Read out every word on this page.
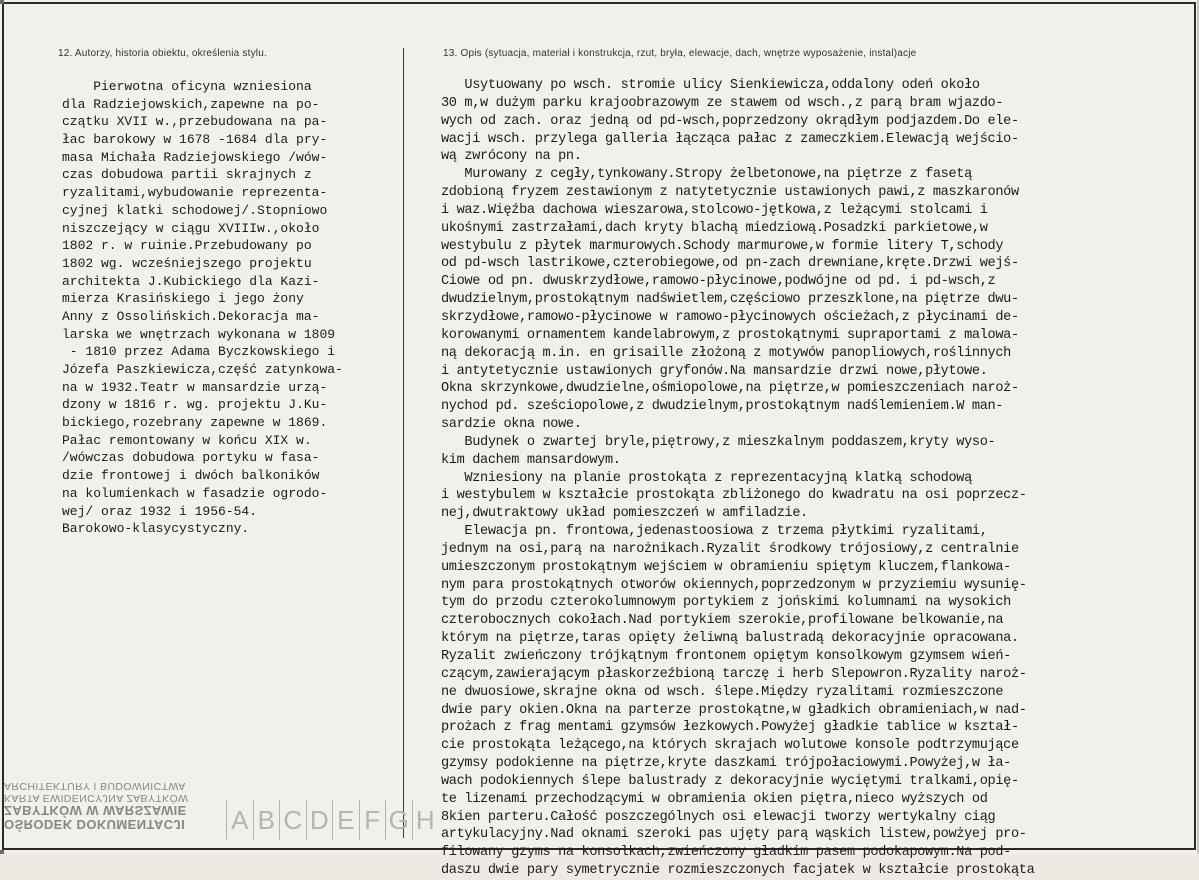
12. Autorzy, historia obiektu, określenia stylu.	13. Opis (sytuacja, materiał i konstrukcja, rzut, bryła, elewacje, dach, wnętrze wyposażenie, instal)acje
Pierwotna oficyna wzniesiona
dla Radziejowskich,zapewne na po-
czątku XVII w.,przebudowana na pa-
łac barokowy w 1678 -1684 dla pry-
masa Michała Radziejowskiego /wów-
czas dobudowa partii skrajnych z
ryzalitami,wybudowanie reprezenta-
cyjnej klatki schodowej/.Stopniowo
niszczejący w ciągu XVIIIw.,około
1802 r. w ruinie.Przebudowany po
1802 wg. wcześniejszego projektu
architekta J.Kubickiego dla Kazi-
mierza Krasińskiego i jego żony
Anny z Ossolińskich.Dekoracja ma-
larska we wnętrzach wykonana w 1809
- 1810 przez Adama Byczkowskiego i
Józefa Paszkiewicza,część zatynkowa-
na w 1932.Teatr w mansardzie urzą-
dzony w 1816 r. wg. projektu J.Ku-
bickiego,rozebrany zapewne w 1869.
Pałac remontowany w końcu XIX w.
/wówczas dobudowa portyku w fasa-
dzie frontowej i dwóch balkoników
na kolumienkach w fasadzie ogrodo-
wej/ oraz 1932 i 1956-54.
Barokowo-klasycystyczny.
Usytuowany po wsch. stromie ulicy Sienkiewicza,oddalony odeń około
30 m,w dużym parku krajoobrazowym ze stawem od wsch.,z parą bram wjazdo-
wych od zach. oraz jedną od pd-wsch,poprzedzony okrądłym podjazdem.Do ele-
wacji wsch. przylega galleria łącząca pałac z zameczkiem.Elewacją wejścio-
wą zwrócony na pn.
Murowany z cegły,tynkowany.Stropy żelbetonowe,na piętrze z fasetą
zdobioną fryzem zestawionym z natytetycznie ustawionych pawi,z maszkaronów
i waz.Więźba dachowa wieszarowa,stolcowo-jętkowa,z leżącymi stolcami i
ukośnymi zastrzałami,dach kryty blachą miedziową.Posadzki parkietowe,w
westybulu z płytek marmurowych.Schody marmurowe,w formie litery T,schody
od pd-wsch lastrikowe,czterobiegowe,od pn-zach drewniane,kręte.Drzwi wejś-
Ciowe od pn. dwuskrzydłowe,ramowo-płycinowe,podwójne od pd. i pd-wsch,z
dwudzielnym,prostokątnym nadświetlem,częściowo przeszklone,na piętrze dwu-
skrzydłowe,ramowo-płycinowe w ramowo-płycinowych ościeżach,z płycinami de-
korowanymi ornamentem kandelabrowym,z prostokątnymi supraportami z malowa-
ną dekoracją m.in. en grisaille złożoną z motywów panopliowych,roślinnych
i antytetycznie ustawionych gryfonów.Na mansardzie drzwi nowe,płytowe.
Okna skrzynkowe,dwudzielne,ośmiopolowe,na piętrze,w pomieszczeniach naroż-
nychod pd. sześciopolowe,z dwudzielnym,prostokątnym nadślemieniem.W man-
sardzie okna nowe.
Budynek o zwartej bryle,piętrowy,z mieszkalnym poddaszem,kryty wyso-
kim dachem mansardowym.
Wzniesiony na planie prostokąta z reprezentacyjną klatką schodową
i westybulem w kształcie prostokąta zbliżonego do kwadratu na osi poprzecz-
nej,dwutraktowy układ pomieszczeń w amfiladzie.
Elewacja pn. frontowa,jedenastoosiowa z trzema płytkimi ryzalitami,
jednym na osi,parą na narożnikach.Ryzalit środkowy trójosiowy,z centralnie
umieszczonym prostokątnym wejściem w obramieniu spiętym kluczem,flankowa-
nym para prostokątnych otworów okiennych,poprzedzonym w przyziemiu wysunię-
tym do przodu czterokolumnowym portykiem z jońskimi kolumnami na wysokich
czterobocznych cokołach.Nad portykiem szerokie,profilowane belkowanie,na
którym na piętrze,taras opięty żeliwną balustradą dekoracyjnie opracowana.
Ryzalit zwieńczony trójkątnym frontonem opiętym konsolkowym gzymsem wień-
czącym,zawierającym płaskorzeźbioną tarczę i herb Slepowron.Ryzality naroż-
ne dwuosiowe,skrajne okna od wsch. ślepe.Między ryzalitami rozmieszczone
dwie pary okien.Okna na parterze prostokątne,w gładkich obramieniach,w nad-
prożach z frag mentami gzymsów łezkowych.Powyżej gładkie tablice w kształ-
cie prostokąta leżącego,na których skrajach wolutowe konsole podtrzymujące
gzymsy podokienne na piętrze,kryte daszkami trójpołaciowymi.Powyżej,w ła-
wach podokiennych ślepe balustrady z dekoracyjnie wyciętymi tralkami,opię-
te lizenami przechodzącymi w obramienia okien piętra,nieco wyższych od
8kien parteru.Całość poszczególnych osi elewacji tworzy wertykalny ciąg
artykulacyjny.Nad oknami szeroki pas ujęty parą wąskich listew,powżyej pro-
filowany gzyms na konsolkach,zwieńczony gładkim pasem podokapowym.Na pod-
daszu dwie pary symetrycznie rozmieszczonych facjatek w kształcie prostokąta
OŚRODEK DOKUMENTACJI
ZABYTKÓW W WARSZAWIE
KARTA EWIDENCYJNA ZABYTKÓW
ARCHITEKTURY I BUDOWNICTWA
A B C D E F G H
